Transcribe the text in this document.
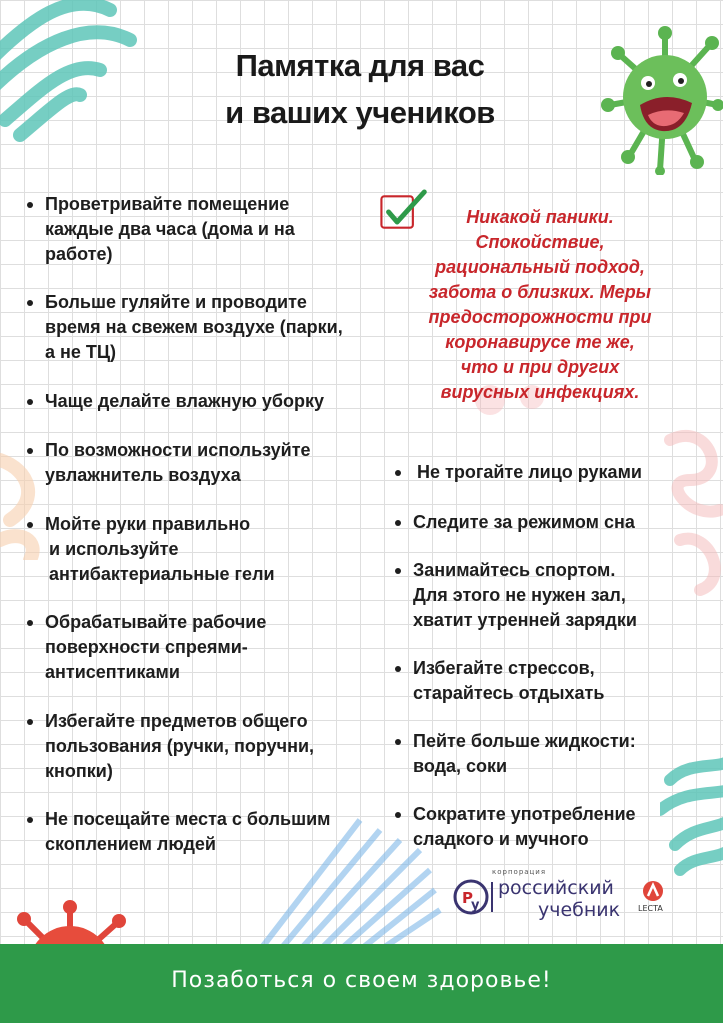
Памятка для вас
и ваших учеников
Проветривайте помещение
каждые два часа (дома и на
работе)
Больше гуляйте и проводите
время на свежем воздухе (парки,
а не ТЦ)
Чаще делайте влажную уборку
По возможности используйте
увлажнитель воздуха
Мойте руки правильно
и используйте
антибактериальные гели
Обрабатывайте рабочие
поверхности спреями-
антисептиками
Избегайте предметов общего
пользования (ручки, поручни,
кнопки)
Не посещайте места с большим
скоплением людей
Никакой паники.
Спокойствие,
рациональный подход,
забота о близких. Меры
предосторожности при
коронавирусе те же,
что и при других
вирусных инфекциях.
Не трогайте лицо руками
Следите за режимом сна
Занимайтесь спортом.
Для этого не нужен зал,
хватит утренней зарядки
Избегайте стрессов,
старайтесь отдыхать
Пейте больше жидкости:
вода, соки
Сократите употребление
сладкого и мучного
P
y
корпорация
российский
учебник LECTA
Позаботься о своем здоровье!
